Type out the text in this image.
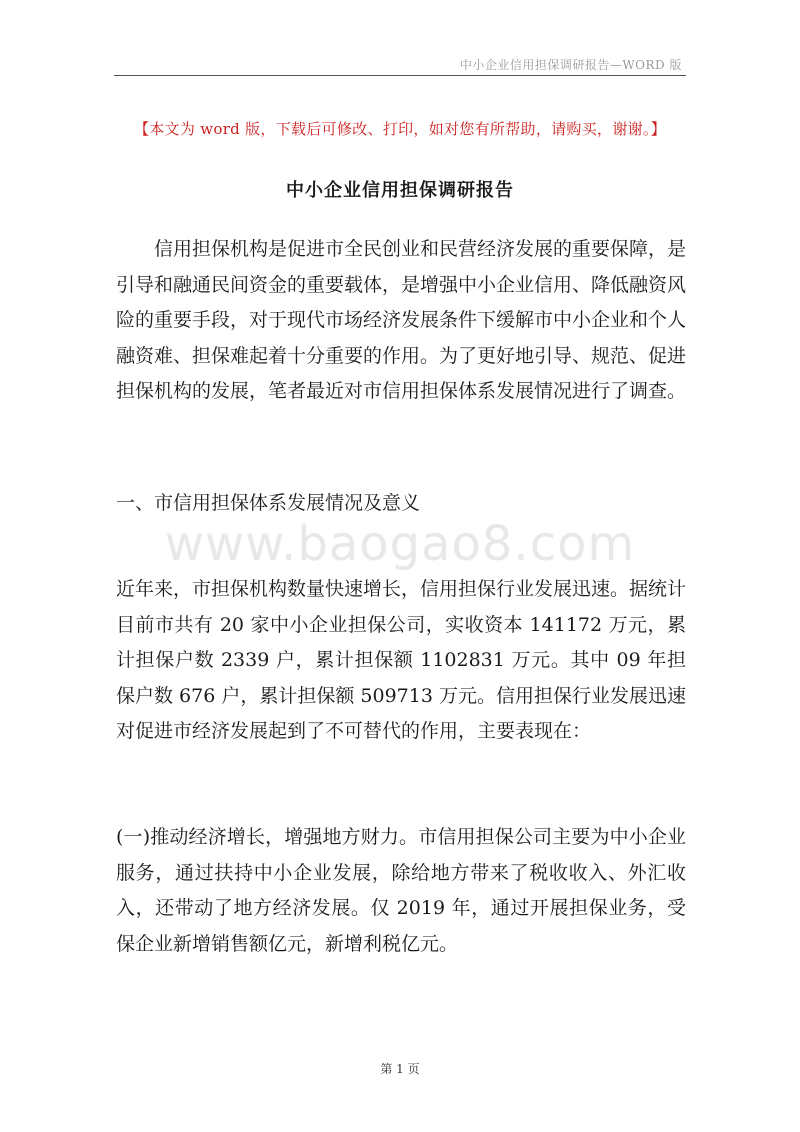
中小企业信用担保调研报告—WORD 版
【本文为 word 版，下载后可修改、打印，如对您有所帮助，请购买，谢谢。】
中小企业信用担保调研报告
信用担保机构是促进市全民创业和民营经济发展的重要保障，是引导和融通民间资金的重要载体，是增强中小企业信用、降低融资风险的重要手段，对于现代市场经济发展条件下缓解市中小企业和个人融资难、担保难起着十分重要的作用。为了更好地引导、规范、促进担保机构的发展，笔者最近对市信用担保体系发展情况进行了调查。
一、市信用担保体系发展情况及意义
www.baogao8.com
近年来，市担保机构数量快速增长，信用担保行业发展迅速。据统计目前市共有 20 家中小企业担保公司，实收资本 141172 万元，累计担保户数 2339 户，累计担保额 1102831 万元。其中 09 年担保户数 676 户，累计担保额 509713 万元。信用担保行业发展迅速对促进市经济发展起到了不可替代的作用，主要表现在：
(一)推动经济增长，增强地方财力。市信用担保公司主要为中小企业服务，通过扶持中小企业发展，除给地方带来了税收收入、外汇收入，还带动了地方经济发展。仅 2019 年，通过开展担保业务，受保企业新增销售额亿元，新增利税亿元。
第 1 页
